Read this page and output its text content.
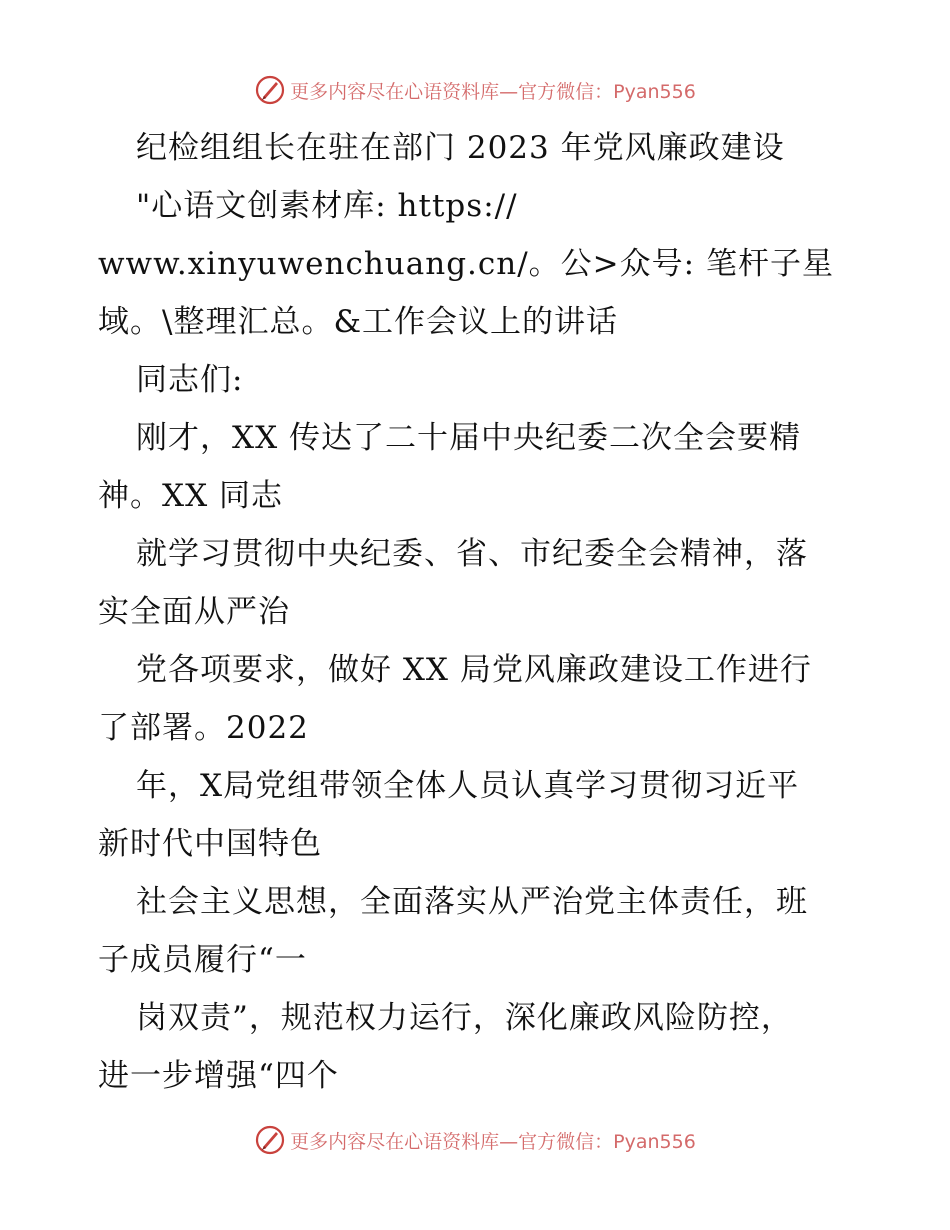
更多内容尽在心语资料库—官方微信：Pyan556
纪检组组长在驻在部门 2023 年党风廉政建设
"心语文创素材库: https://
www.xinyuwenchuang.cn/。公>众号: 笔杆子星
域。\整理汇总。&工作会议上的讲话
同志们:
刚才，XX 传达了二十届中央纪委二次全会要精
神。XX 同志
就学习贯彻中央纪委、省、市纪委全会精神，落
实全面从严治
党各项要求，做好 XX 局党风廉政建设工作进行
了部署。2022
年，X局党组带领全体人员认真学习贯彻习近平
新时代中国特色
社会主义思想，全面落实从严治党主体责任，班
子成员履行“一
岗双责”，规范权力运行，深化廉政风险防控，
进一步增强“四个
更多内容尽在心语资料库—官方微信：Pyan556
